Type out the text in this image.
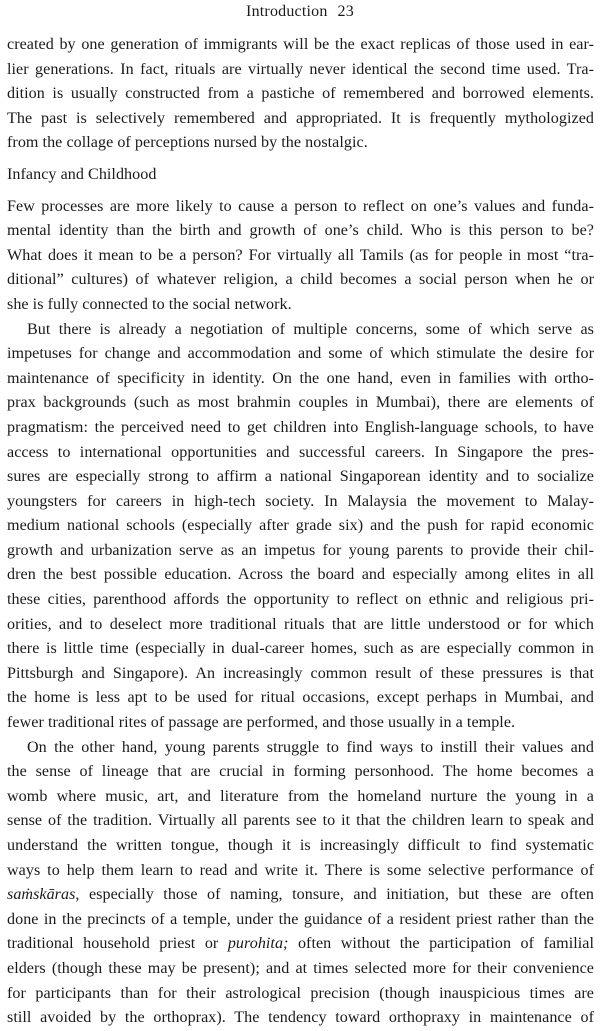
Introduction 23
created by one generation of immigrants will be the exact replicas of those used in ear-
lier generations. In fact, rituals are virtually never identical the second time used. Tra-
dition is usually constructed from a pastiche of remembered and borrowed elements.
The past is selectively remembered and appropriated. It is frequently mythologized
from the collage of perceptions nursed by the nostalgic.
Infancy and Childhood
Few processes are more likely to cause a person to reflect on one’s values and funda-
mental identity than the birth and growth of one’s child. Who is this person to be?
What does it mean to be a person? For virtually all Tamils (as for people in most “tra-
ditional” cultures) of whatever religion, a child becomes a social person when he or
she is fully connected to the social network.
But there is already a negotiation of multiple concerns, some of which serve as
impetuses for change and accommodation and some of which stimulate the desire for
maintenance of specificity in identity. On the one hand, even in families with ortho-
prax backgrounds (such as most brahmin couples in Mumbai), there are elements of
pragmatism: the perceived need to get children into English-language schools, to have
access to international opportunities and successful careers. In Singapore the pres-
sures are especially strong to affirm a national Singaporean identity and to socialize
youngsters for careers in high-tech society. In Malaysia the movement to Malay-
medium national schools (especially after grade six) and the push for rapid economic
growth and urbanization serve as an impetus for young parents to provide their chil-
dren the best possible education. Across the board and especially among elites in all
these cities, parenthood affords the opportunity to reflect on ethnic and religious pri-
orities, and to deselect more traditional rituals that are little understood or for which
there is little time (especially in dual-career homes, such as are especially common in
Pittsburgh and Singapore). An increasingly common result of these pressures is that
the home is less apt to be used for ritual occasions, except perhaps in Mumbai, and
fewer traditional rites of passage are performed, and those usually in a temple.
On the other hand, young parents struggle to find ways to instill their values and
the sense of lineage that are crucial in forming personhood. The home becomes a
womb where music, art, and literature from the homeland nurture the young in a
sense of the tradition. Virtually all parents see to it that the children learn to speak and
understand the written tongue, though it is increasingly difficult to find systematic
ways to help them learn to read and write it. There is some selective performance of
saṁskāras, especially those of naming, tonsure, and initiation, but these are often
done in the precincts of a temple, under the guidance of a resident priest rather than the
traditional household priest or purohita; often without the participation of familial
elders (though these may be present); and at times selected more for their convenience
for participants than for their astrological precision (though inauspicious times are
still avoided by the orthoprax). The tendency toward orthopraxy in maintenance of
